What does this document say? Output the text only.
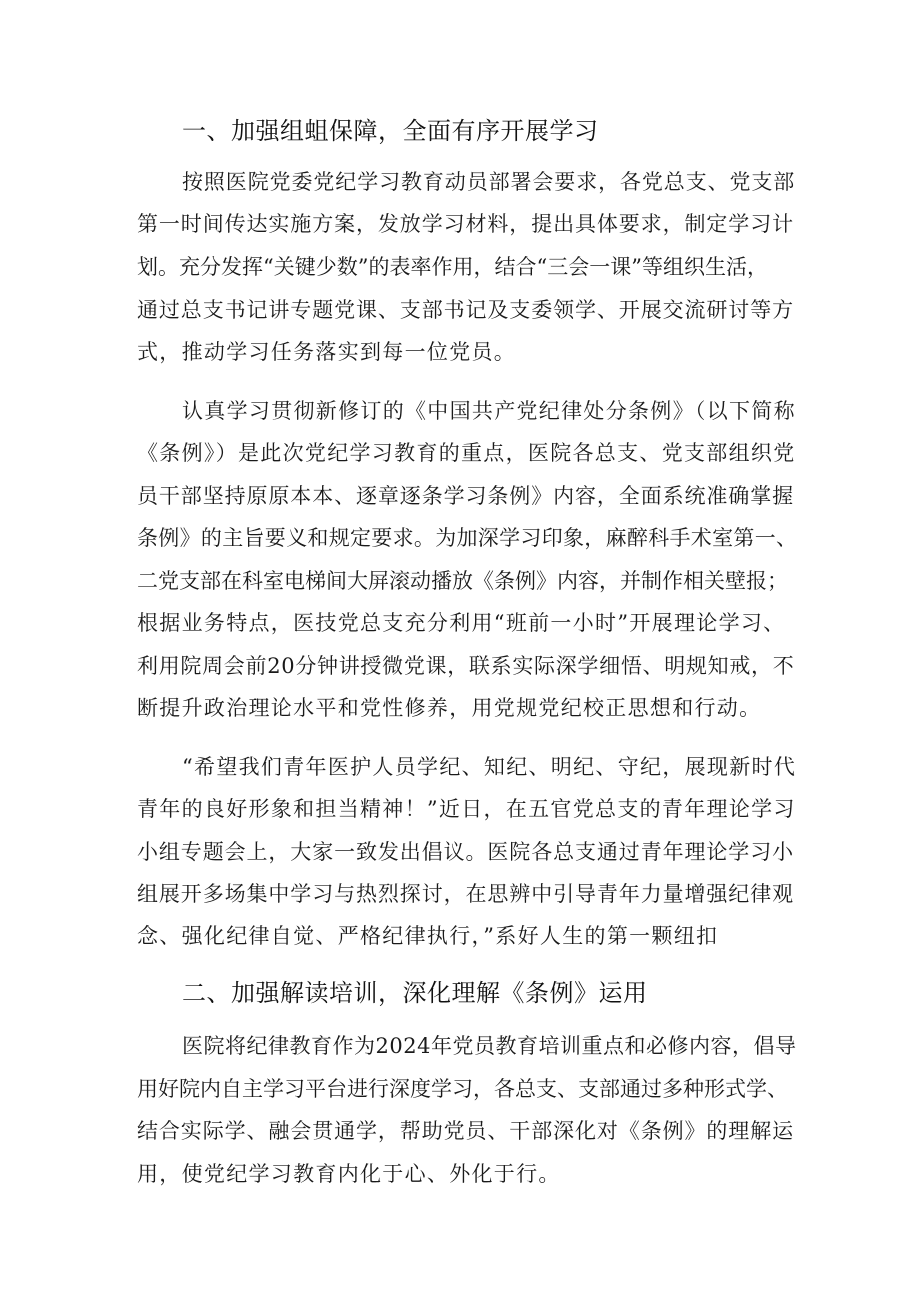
一、加强组蛆保障，全面有序开展学习
按照医院党委党纪学习教育动员部署会要求，各党总支、党支部
第一时间传达实施方案，发放学习材料，提出具体要求，制定学习计
划。充分发挥“关键少数”的表率作用，结合“三会一课”等组织生活，
通过总支书记讲专题党课、支部书记及支委领学、开展交流研讨等方
式，推动学习任务落实到每一位党员。
认真学习贯彻新修订的《中国共产党纪律处分条例》（以下简称
《条例》）是此次党纪学习教育的重点，医院各总支、党支部组织党
员干部坚持原原本本、逐章逐条学习条例》内容，全面系统准确掌握
条例》的主旨要义和规定要求。为加深学习印象，麻醉科手术室第一、
二党支部在科室电梯间大屏滚动播放《条例》内容，并制作相关壁报；
根据业务特点，医技党总支充分利用“班前一小时”开展理论学习、
利用院周会前20分钟讲授微党课，联系实际深学细悟、明规知戒，不
断提升政治理论水平和党性修养，用党规党纪校正思想和行动。
“希望我们青年医护人员学纪、知纪、明纪、守纪，展现新时代
青年的良好形象和担当精神！”近日，在五官党总支的青年理论学习
小组专题会上，大家一致发出倡议。医院各总支通过青年理论学习小
组展开多场集中学习与热烈探讨，在思辨中引导青年力量增强纪律观
念、强化纪律自觉、严格纪律执行，”系好人生的第一颗纽扣
二、加强解读培训，深化理解《条例》运用
医院将纪律教育作为2024年党员教育培训重点和必修内容，倡导
用好院内自主学习平台进行深度学习，各总支、支部通过多种形式学、
结合实际学、融会贯通学，帮助党员、干部深化对《条例》的理解运
用，使党纪学习教育内化于心、外化于行。
